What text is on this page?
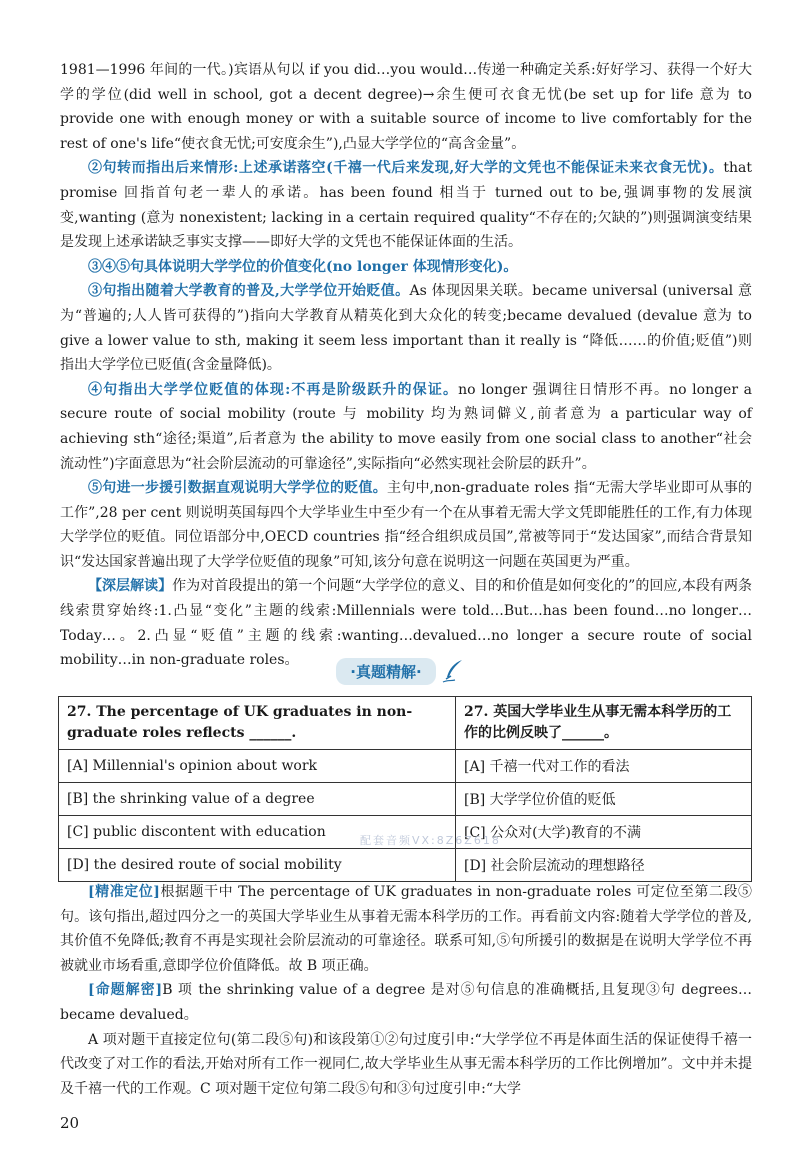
1981—1996 年间的一代。)宾语从句以 if you did…you would…传递一种确定关系:好好学习、获得一个好大学的学位(did well in school, got a decent degree)→余生便可衣食无忧(be set up for life 意为 to provide one with enough money or with a suitable source of income to live comfortably for the rest of one's life“使衣食无忧;可安度余生”),凸显大学学位的“高含金量”。

②句转而指出后来情形:上述承诺落空(千禧一代后来发现,好大学的文凭也不能保证未来衣食无忧)。that promise 回指首句老一辈人的承诺。has been found 相当于 turned out to be,强调事物的发展演变,wanting (意为 nonexistent; lacking in a certain required quality“不存在的;欠缺的”)则强调演变结果是发现上述承诺缺乏事实支撑——即好大学的文凭也不能保证体面的生活。

③④⑤句具体说明大学学位的价值变化(no longer 体现情形变化)。

③句指出随着大学教育的普及,大学学位开始贬值。As 体现因果关联。became universal (universal 意为“普遍的;人人皆可获得的”)指向大学教育从精英化到大众化的转变;became devalued (devalue 意为 to give a lower value to sth, making it seem less important than it really is “降低……的价值;贬值”)则指出大学学位已贬值(含金量降低)。

④句指出大学学位贬值的体现:不再是阶级跃升的保证。no longer 强调往日情形不再。no longer a secure route of social mobility (route 与 mobility 均为熟词僻义,前者意为 a particular way of achieving sth“途径;渠道”,后者意为 the ability to move easily from one social class to another“社会流动性”)字面意思为“社会阶层流动的可靠途径”,实际指向“必然实现社会阶层的跃升”。

⑤句进一步援引数据直观说明大学学位的贬值。主句中,non-graduate roles 指“无需大学毕业即可从事的工作”,28 per cent 则说明英国每四个大学毕业生中至少有一个在从事着无需大学文凭即能胜任的工作,有力体现大学学位的贬值。同位语部分中,OECD countries 指“经合组织成员国”,常被等同于“发达国家”,而结合背景知识“发达国家普遍出现了大学学位贬值的现象”可知,该分句意在说明这一问题在英国更为严重。

【深层解读】作为对首段提出的第一个问题“大学学位的意义、目的和价值是如何变化的”的回应,本段有两条线索贯穿始终:1.凸显“变化”主题的线索:Millennials were told…But…has been found…no longer…Today…。2.凸显“贬值”主题的线索:wanting…devalued…no longer a secure route of social mobility…in non-graduate roles。

·真题精解·
27. The percentage of UK graduates in non-graduate roles reflects ______.	27. 英国大学毕业生从事无需本科学历的工作的比例反映了______。
[A] Millennial's opinion about work	[A] 千禧一代对工作的看法
[B] the shrinking value of a degree	[B] 大学学位价值的贬低
[C] public discontent with education	[C] 公众对(大学)教育的不满
[D] the desired route of social mobility	[D] 社会阶层流动的理想路径
配套音频VX:8Z6Z618

[精准定位]根据题干中 The percentage of UK graduates in non-graduate roles 可定位至第二段⑤句。该句指出,超过四分之一的英国大学毕业生从事着无需本科学历的工作。再看前文内容:随着大学学位的普及,其价值不免降低;教育不再是实现社会阶层流动的可靠途径。联系可知,⑤句所援引的数据是在说明大学学位不再被就业市场看重,意即学位价值降低。故 B 项正确。

[命题解密]B 项 the shrinking value of a degree 是对⑤句信息的准确概括,且复现③句 degrees…became devalued。

A 项对题干直接定位句(第二段⑤句)和该段第①②句过度引申:“大学学位不再是体面生活的保证使得千禧一代改变了对工作的看法,开始对所有工作一视同仁,故大学毕业生从事无需本科学历的工作比例增加”。文中并未提及千禧一代的工作观。C 项对题干定位句第二段⑤句和③句过度引申:“大学

20
